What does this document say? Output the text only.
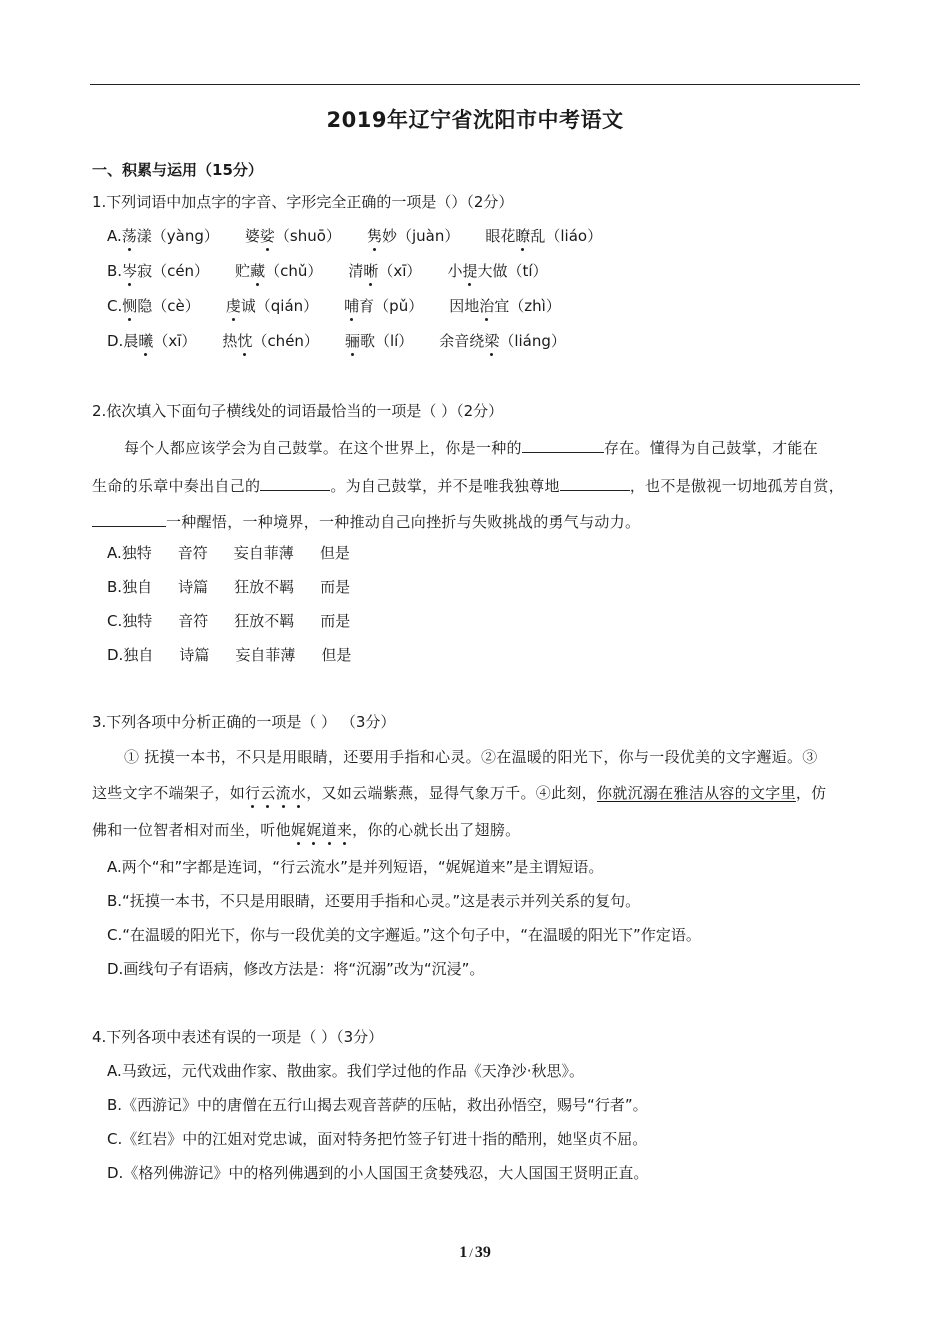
2019年辽宁省沈阳市中考语文
一、积累与运用（15分）
1.下列词语中加点字的字音、字形完全正确的一项是（）（2分）
A.荡漾（yàng） 婆娑（shuō） 隽妙（juàn） 眼花瞭乱（liáo）
B.岑寂（cén） 贮藏（chǔ） 清晰（xī） 小提大做（tí）
C.恻隐（cè） 虔诚（qián） 哺育（pǔ） 因地治宜（zhì）
D.晨曦（xī） 热忱（chén） 骊歌（lí） 余音绕梁（liáng）
2.依次填入下面句子横线处的词语最恰当的一项是（ ）（2分）
每个人都应该学会为自己鼓掌。在这个世界上，你是一种的	存在。懂得为自己鼓掌，才能在
生命的乐章中奏出自己的	。为自己鼓掌，并不是唯我独尊地	，也不是傲视一切地孤芳自赏，
一种醒悟，一种境界，一种推动自己向挫折与失败挑战的勇气与动力。
A.独特 音符 妄自菲薄 但是
B.独自 诗篇 狂放不羁 而是
C.独特 音符 狂放不羁 而是
D.独自 诗篇 妄自菲薄 但是
3.下列各项中分析正确的一项是（ ） （3分）
① 抚摸一本书，不只是用眼睛，还要用手指和心灵。②在温暖的阳光下，你与一段优美的文字邂逅。③
这些文字不端架子，如行云流水，又如云端紫燕，显得气象万千。④此刻，你就沉溺在雅洁从容的文字里，仿
佛和一位智者相对而坐，听他娓娓道来，你的心就长出了翅膀。
A.两个“和”字都是连词，“行云流水”是并列短语，“娓娓道来”是主谓短语。
B.“抚摸一本书，不只是用眼睛，还要用手指和心灵。”这是表示并列关系的复句。
C.“在温暖的阳光下，你与一段优美的文字邂逅。”这个句子中，“在温暖的阳光下”作定语。
D.画线句子有语病，修改方法是：将“沉溺”改为“沉浸”。
4.下列各项中表述有误的一项是（ ）（3分）
A.马致远，元代戏曲作家、散曲家。我们学过他的作品《天净沙·秋思》。
B.《西游记》中的唐僧在五行山揭去观音菩萨的压帖，救出孙悟空，赐号“行者”。
C.《红岩》中的江姐对党忠诚，面对特务把竹签子钉进十指的酷刑，她坚贞不屈。
D.《格列佛游记》中的格列佛遇到的小人国国王贪婪残忍，大人国国王贤明正直。
1 / 39
